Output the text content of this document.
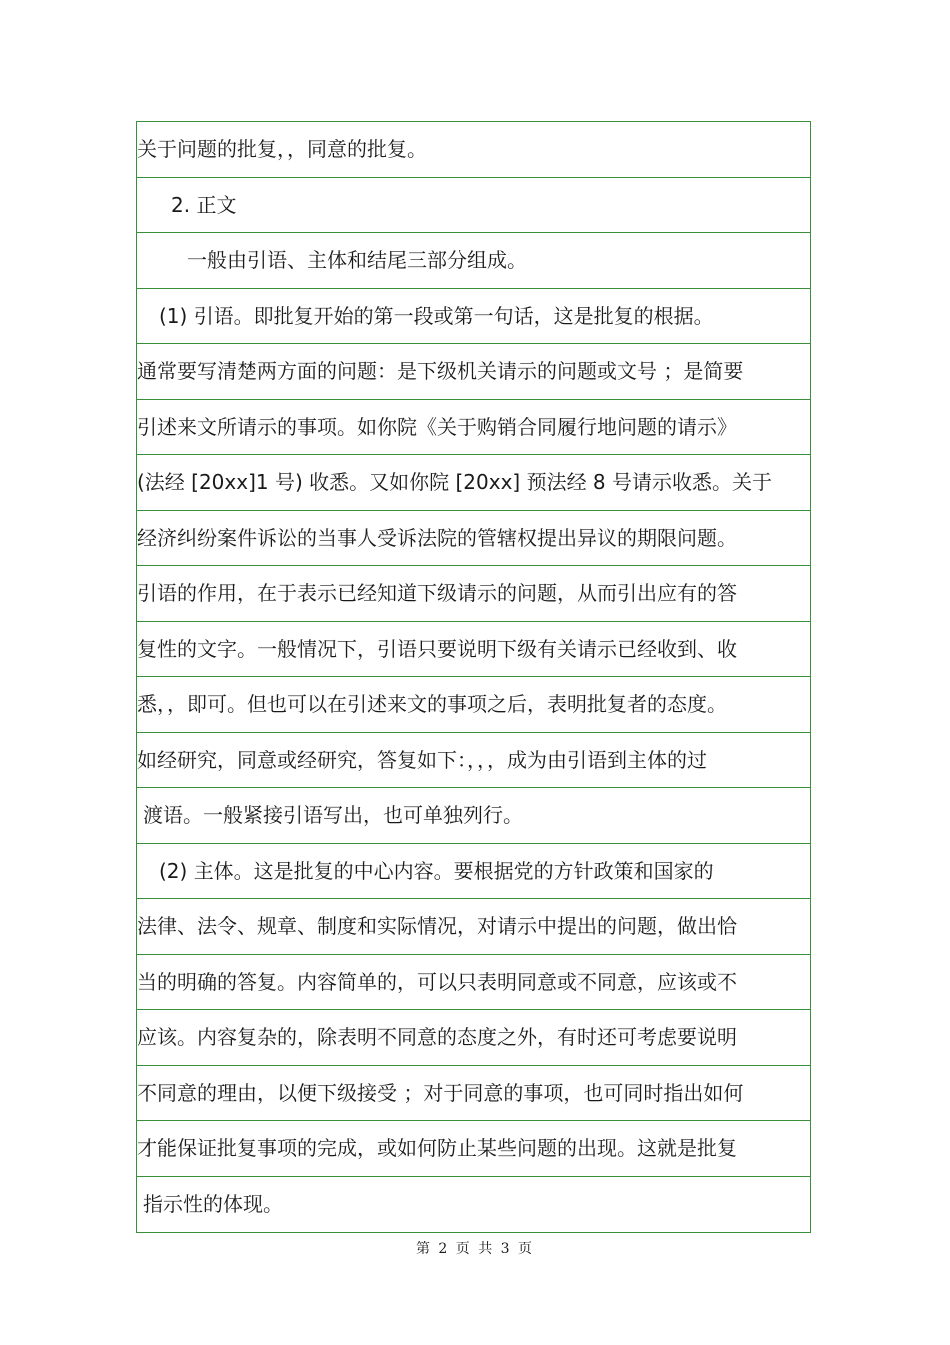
关于问题的批复，，同意的批复。
2. 正文
一般由引语、主体和结尾三部分组成。
(1) 引语。即批复开始的第一段或第一句话，这是批复的根据。
通常要写清楚两方面的问题：是下级机关请示的问题或文号 ；是简要
引述来文所请示的事项。如你院《关于购销合同履行地问题的请示》
(法经 [20xx]1 号) 收悉。又如你院 [20xx] 预法经 8 号请示收悉。关于
经济纠纷案件诉讼的当事人受诉法院的管辖权提出异议的期限问题。
引语的作用，在于表示已经知道下级请示的问题，从而引出应有的答
复性的文字。一般情况下，引语只要说明下级有关请示已经收到、收
悉，，即可。但也可以在引述来文的事项之后，表明批复者的态度。
如经研究，同意或经研究，答复如下：，，，成为由引语到主体的过
渡语。一般紧接引语写出，也可单独列行。
(2) 主体。这是批复的中心内容。要根据党的方针政策和国家的
法律、法令、规章、制度和实际情况，对请示中提出的问题，做出恰
当的明确的答复。内容简单的，可以只表明同意或不同意，应该或不
应该。内容复杂的，除表明不同意的态度之外，有时还可考虑要说明
不同意的理由，以便下级接受 ；对于同意的事项，也可同时指出如何
才能保证批复事项的完成，或如何防止某些问题的出现。这就是批复
指示性的体现。
第 2 页 共 3 页
